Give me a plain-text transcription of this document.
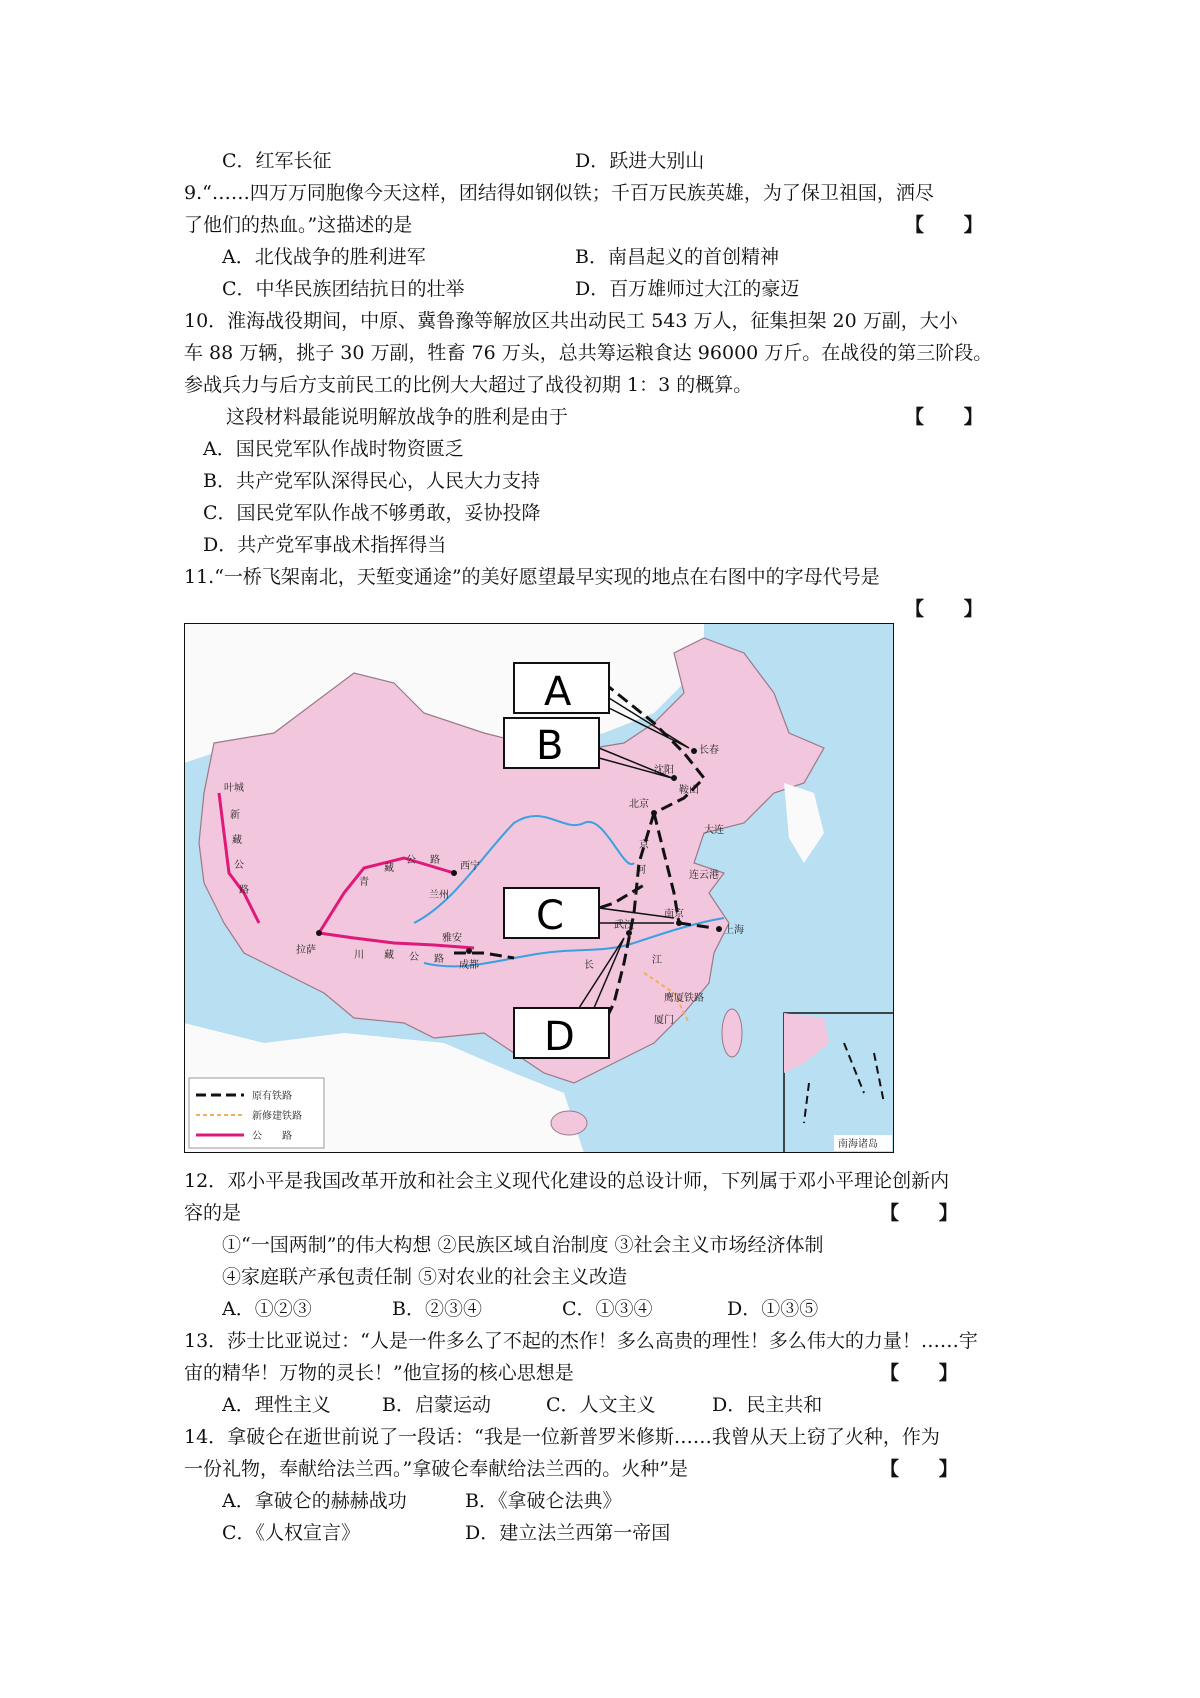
C．红军长征	D．跃进大别山
9.“……四万万同胞像今天这样，团结得如钢似铁；千百万民族英雄，为了保卫祖国，洒尽
了他们的热血。”这描述的是	【      】
A．北伐战争的胜利进军	B．南昌起义的首创精神
C．中华民族团结抗日的壮举	D．百万雄师过大江的豪迈
10．淮海战役期间，中原、冀鲁豫等解放区共出动民工 543 万人，征集担架 20 万副，大小
车 88 万辆，挑子 30 万副，牲畜 76 万头，总共筹运粮食达 96000 万斤。在战役的第三阶段。
参战兵力与后方支前民工的比例大大超过了战役初期 1：3 的概算。
这段材料最能说明解放战争的胜利是由于	【      】
A．国民党军队作战时物资匮乏
B．共产党军队深得民心，人民大力支持
C．国民党军队作战不够勇敢，妥协投降
D．共产党军事战术指挥得当
11.“一桥飞架南北，天堑变通途”的美好愿望最早实现的地点在右图中的字母代号是
【      】
长春
沈阳
鞍山
北京
大连
连云港
南京
上海
武汉
成都
西宁
兰州
拉萨
雅安
厦门
叶城
青
藏
公 路
新
藏
公
路
川 藏 公 路
京
鹰厦铁路
长	江
河
A
B
C
D
南海诸岛
原有铁路
新修建铁路
公　　路
12．邓小平是我国改革开放和社会主义现代化建设的总设计师，下列属于邓小平理论创新内
容的是	【      】
①“一国两制”的伟大构想 ②民族区域自治制度 ③社会主义市场经济体制
④家庭联产承包责任制 ⑤对农业的社会主义改造
A．①②③	B．②③④	C．①③④	D．①③⑤
13．莎士比亚说过：“人是一件多么了不起的杰作！多么高贵的理性！多么伟大的力量！……宇
宙的精华！万物的灵长！”他宣扬的核心思想是	【      】
A．理性主义	B．启蒙运动	C．人文主义	D．民主共和
14．拿破仑在逝世前说了一段话：“我是一位新普罗米修斯……我曾从天上窃了火种，作为
一份礼物，奉献给法兰西。”拿破仑奉献给法兰西的。火种”是	【      】
A．拿破仑的赫赫战功	B．《拿破仑法典》
C．《人权宣言》	D．建立法兰西第一帝国
